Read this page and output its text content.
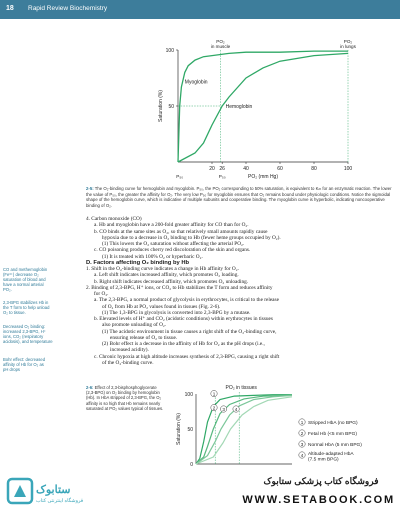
18 Rapid Review Biochemistry
50
100
20 26	40	60	80	100
PO₂ (mm Hg)
Saturation (%)
PO₂
in muscle
PO₂
in lungs
P₅₀	P₅₀
Myoglobin
Hemoglobin
2-5: The O₂-binding curve for hemoglobin and myoglobin. P₅₀, the PO₂ corresponding to 50% saturation, is equivalent to Kₘ for an enzymatic reaction. The lower the value of P₅₀, the greater the affinity for O₂. The very low P₅₀ for myoglobin ensures that O₂ remains bound under physiologic conditions. Notice the sigmoidal shape of the hemoglobin curve, which is indicative of multiple subunits and cooperative binding. The myoglobin curve is hyperbolic, indicating noncooperative binding of O₂.
CO and methemoglobin
(Fe³⁺) decrease O₂
saturation of blood and
have a normal arterial
PO₂.
2,3-BPG stabilizes Hb in
the T form to help unload
O₂ to tissue.
Decreased O₂ binding:
increased 2,3-BPG, H⁺
ions, CO₂ (respiratory
acidosis), and temperature
Bohr effect: decreased
affinity of Hb for O₂ as
pH drops
4. Carbon monoxide (CO)
a. Hb and myoglobin have a 200-fold greater affinity for CO than for O₂.
b. CO binds at the same sites as O₂, so that relatively small amounts rapidly cause
hypoxia due to a decrease in O₂ binding to Hb (fewer heme groups occupied by O₂).
(1) This lowers the O₂ saturation without affecting the arterial PO₂.
c. CO poisoning produces cherry red discoloration of the skin and organs.
(1) It is treated with 100% O₂ or hyperbaric O₂.
D. Factors affecting O₂ binding by Hb
1. Shift in the O₂-binding curve indicates a change in Hb affinity for O₂.
a. Left shift indicates increased affinity, which promotes O₂ loading.
b. Right shift indicates decreased affinity, which promotes O₂ unloading.
2. Binding of 2,3-BPG, H⁺ ions, or CO₂ to Hb stabilizes the T form and reduces affinity
for O₂.
a. The 2,3-BPG, a normal product of glycolysis in erythrocytes, is critical to the release
of O₂ from Hb at PO₂ values found in tissues (Fig. 2-6).
(1) The 1,3-BPG in glycolysis is converted into 2,3-BPG by a mutase.
b. Elevated levels of H⁺ and CO₂ (acidotic conditions) within erythrocytes in tissues
also promote unloading of O₂.
(1) The acidotic environment in tissue causes a right shift of the O₂-binding curve,
ensuring release of O₂ to tissue.
(2) Bohr effect is a decrease in the affinity of Hb for O₂ as the pH drops (i.e.,
increased acidity).
c. Chronic hypoxia at high altitude increases synthesis of 2,3-BPG, causing a right shift
of the O₂-binding curve.
2-6: Effect of 2,3-bisphosphoglycerate (2,3-BPG) on O₂ binding by hemoglobin (Hb). In HbA stripped of 2,3-BPG, the O₂ affinity is so high that Hb remains nearly saturated at PO₂ values typical of tissues.
0
50
100
Saturation (%)
PO₂ in tissues
1
1 Stripped HbA (no BPG)
2
2 Fetal Hb (<5 mm BPG)
3
3 Normal HbA (5 mm BPG)
4
4 Altitude-adapted HbA
(7.5 mm BPG)
ستابوک
فروشگاه اینترنتی کتاب
فروشگاه کتاب پزشکی ستابوک
WWW.SETABOOK.COM
